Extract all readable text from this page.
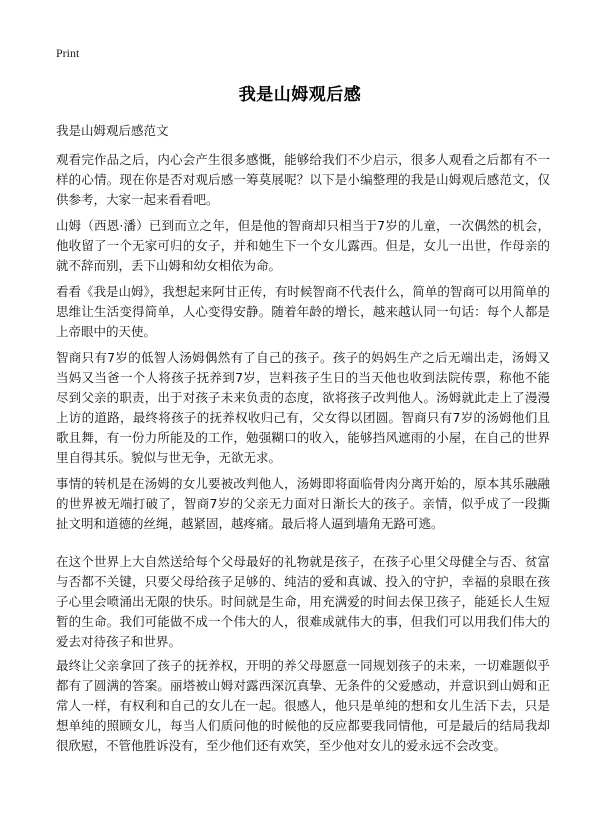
Print
我是山姆观后感
我是山姆观后感范文

观看完作品之后，内心会产生很多感慨，能够给我们不少启示，很多人观看之后都有不一样的心情。现在你是否对观后感一筹莫展呢？以下是小编整理的我是山姆观后感范文，仅供参考，大家一起来看看吧。

山姆（西恩·潘）已到而立之年，但是他的智商却只相当于7岁的儿童，一次偶然的机会，他收留了一个无家可归的女子，并和她生下一个女儿露西。但是，女儿一出世，作母亲的就不辞而别，丢下山姆和幼女相依为命。

看看《我是山姆》，我想起来阿甘正传，有时候智商不代表什么，简单的智商可以用简单的思维让生活变得简单，人心变得安静。随着年龄的增长，越来越认同一句话：每个人都是上帝眼中的天使。

智商只有7岁的低智人汤姆偶然有了自己的孩子。孩子的妈妈生产之后无端出走，汤姆又当妈又当爸一个人将孩子抚养到7岁，岂料孩子生日的当天他也收到法院传票，称他不能尽到父亲的职责，出于对孩子未来负责的态度，欲将孩子改判他人。汤姆就此走上了漫漫上访的道路，最终将孩子的抚养权收归己有，父女得以团圆。智商只有7岁的汤姆他们且歌且舞，有一份力所能及的工作，勉强糊口的收入，能够挡风遮雨的小屋，在自己的世界里自得其乐。貌似与世无争，无欲无求。

事情的转机是在汤姆的女儿要被改判他人，汤姆即将面临骨肉分离开始的，原本其乐融融的世界被无端打破了，智商7岁的父亲无力面对日渐长大的孩子。亲情，似乎成了一段撕扯文明和道德的丝绳，越紧固，越疼痛。最后将人逼到墙角无路可逃。

在这个世界上大自然送给每个父母最好的礼物就是孩子，在孩子心里父母健全与否、贫富与否都不关键，只要父母给孩子足够的、纯洁的爱和真诚、投入的守护，幸福的泉眼在孩子心里会喷涌出无限的快乐。时间就是生命，用充满爱的时间去保卫孩子，能延长人生短暂的生命。我们可能做不成一个伟大的人，很难成就伟大的事，但我们可以用我们伟大的爱去对待孩子和世界。

最终让父亲拿回了孩子的抚养权，开明的养父母愿意一同规划孩子的未来，一切难题似乎都有了圆满的答案。丽塔被山姆对露西深沉真挚、无条件的父爱感动，并意识到山姆和正常人一样，有权利和自己的女儿在一起。很感人，他只是单纯的想和女儿生活下去，只是想单纯的照顾女儿，每当人们质问他的时候他的反应都要我同情他，可是最后的结局我却很欣慰，不管他胜诉没有，至少他们还有欢笑，至少他对女儿的爱永远不会改变。
